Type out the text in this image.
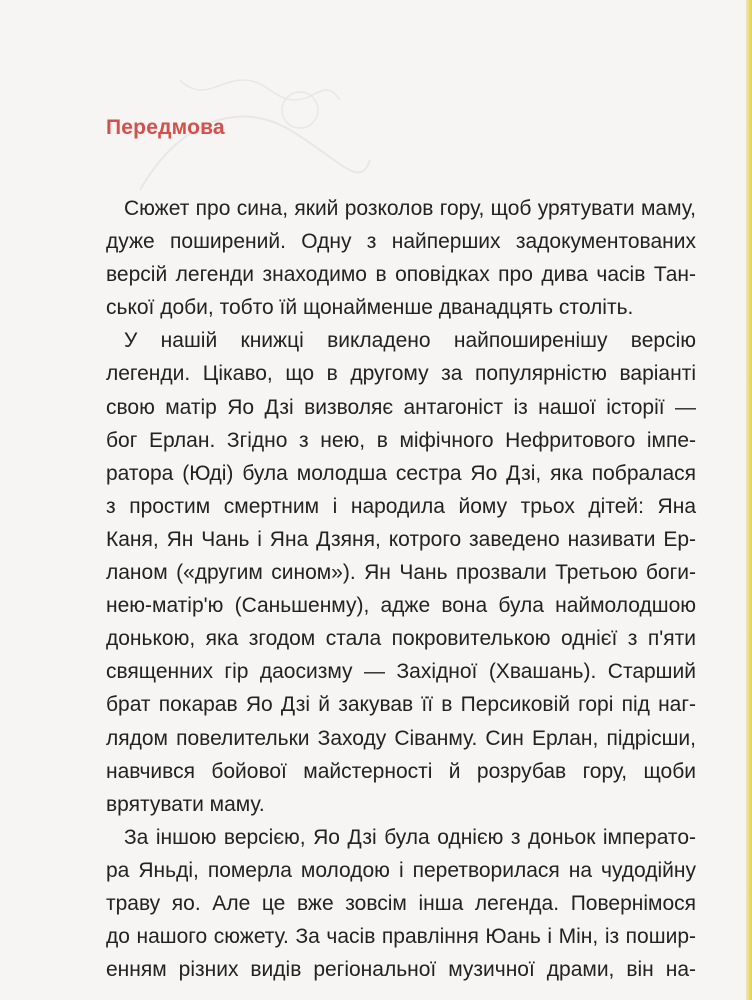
Передмова
Сюжет про сина, який розколов гору, щоб урятувати маму,
дуже поширений. Одну з найперших задокументованих
версій легенди знаходимо в оповідках про дива часів Тан-
ської доби, тобто їй щонайменше дванадцять століть.
У нашій книжці викладено найпоширенішу версію
легенди. Цікаво, що в другому за популярністю варіанті
свою матір Яо Дзі визволяє антагоніст із нашої історії —
бог Ерлан. Згідно з нею, в міфічного Нефритового імпе-
ратора (Юді) була молодша сестра Яо Дзі, яка побралася
з простим смертним і народила йому трьох дітей: Яна
Каня, Ян Чань і Яна Дзяня, котрого заведено називати Ер-
ланом («другим сином»). Ян Чань прозвали Третьою боги-
нею-матір'ю (Саньшенму), адже вона була наймолодшою
донькою, яка згодом стала покровителькою однієї з п'яти
священних гір даосизму — Західної (Хвашань). Старший
брат покарав Яо Дзі й закував її в Персиковій горі під наг-
лядом повелительки Заходу Сіванму. Син Ерлан, підрісши,
навчився бойової майстерності й розрубав гору, щоби
врятувати маму.
За іншою версією, Яо Дзі була однією з доньок імперато-
ра Яньді, померла молодою і перетворилася на чудодійну
траву яо. Але це вже зовсім інша легенда. Повернімося
до нашого сюжету. За часів правління Юань і Мін, із пошир-
енням різних видів регіональної музичної драми, він на-
